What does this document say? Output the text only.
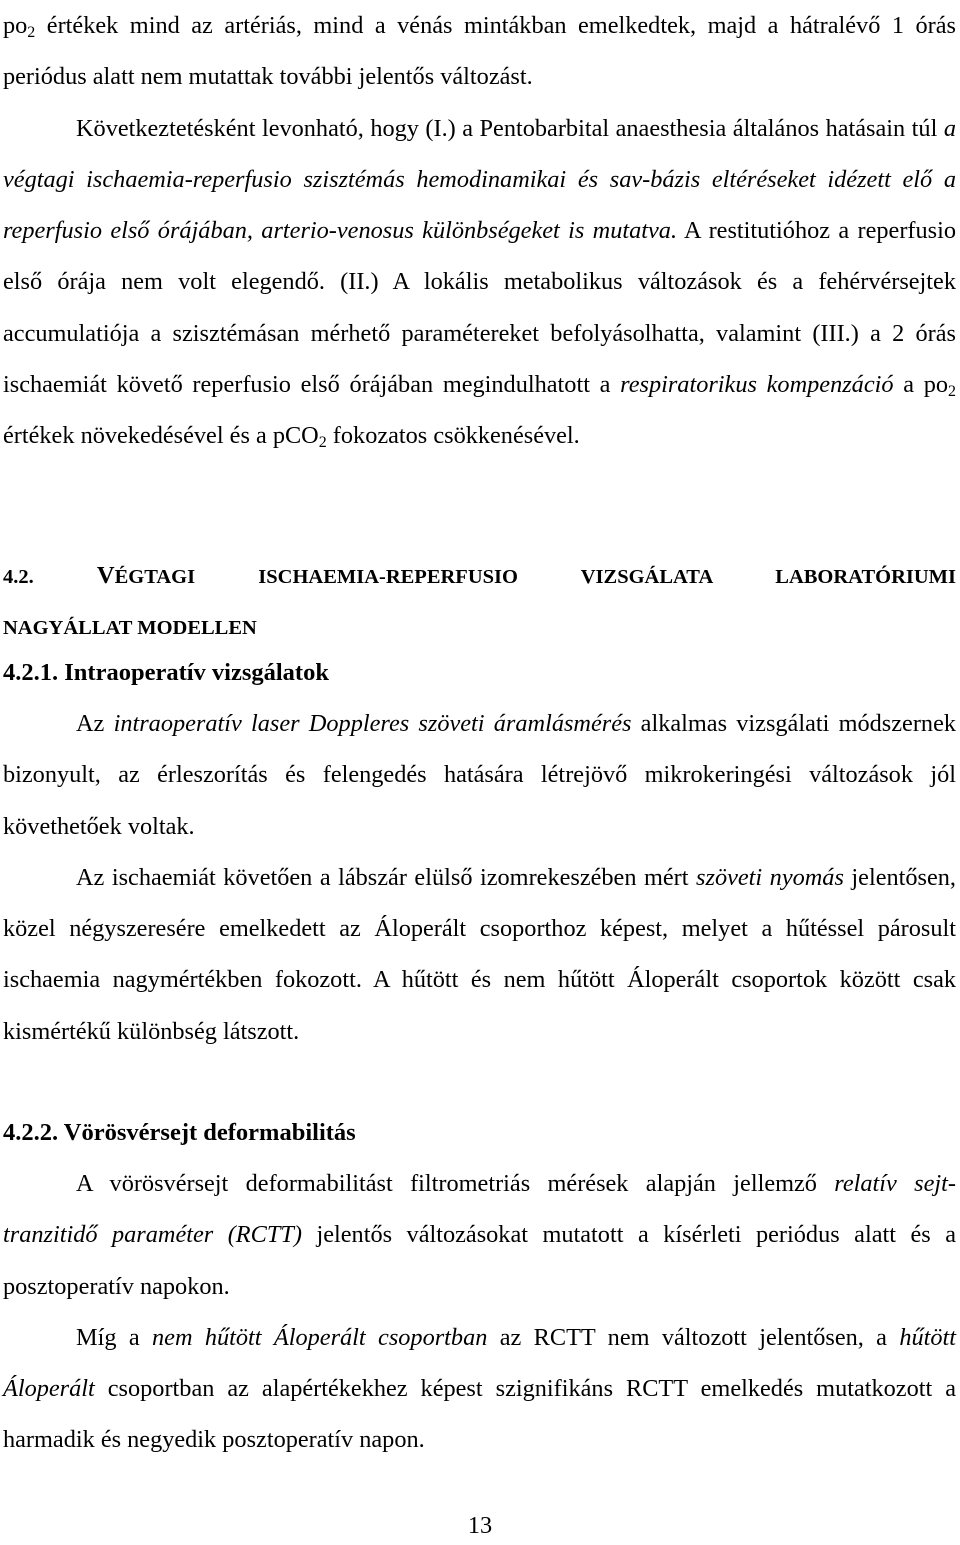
$po_2$ értékek mind az artériás, mind a vénás mintákban emelkedtek, majd a hátralévő 1 órás periódus alatt nem mutattak további jelentős változást.

Következtetésként levonható, hogy (I.) a Pentobarbital anaesthesia általános hatásain túl a végtagi ischaemia-reperfusio szisztémás hemodinamikai és sav-bázis eltéréseket idézett elő a reperfusio első órájában, arterio-venosus különbségeket is mutatva. A restitutióhoz a reperfusio első órája nem volt elegendő. (II.) A lokális metabolikus változások és a fehérvérsejtek accumulatiója a szisztémásan mérhető paramétereket befolyásolhatta, valamint (III.) a 2 órás ischaemiát követő reperfusio első órájában megindulhatott a respiratorikus kompenzáció a $po_2$ értékek növekedésével és a pCO$_2$ fokozatos csökkenésével.

4.2. VÉGTAGI ISCHAEMIA-REPERFUSIO VIZSGÁLATA LABORATÓRIUMI

NAGYÁLLAT MODELLEN

4.2.1. Intraoperatív vizsgálatok

Az intraoperatív laser Doppleres szöveti áramlásmérés alkalmas vizsgálati módszernek bizonyult, az érleszorítás és felengedés hatására létrejövő mikrokeringési változások jól követhetőek voltak.

Az ischaemiát követően a lábszár elülső izomrekeszében mért szöveti nyomás jelentősen, közel négyszeresére emelkedett az Áloperált csoporthoz képest, melyet a hűtéssel párosult ischaemia nagymértékben fokozott. A hűtött és nem hűtött Áloperált csoportok között csak kismértékű különbség látszott.

4.2.2. Vörösvérsejt deformabilitás

A vörösvérsejt deformabilitást filtrometriás mérések alapján jellemző relatív sejt-tranzitidő paraméter (RCTT) jelentős változásokat mutatott a kísérleti periódus alatt és a posztoperatív napokon.

Míg a nem hűtött Áloperált csoportban az RCTT nem változott jelentősen, a hűtött Áloperált csoportban az alapértékekhez képest szignifikáns RCTT emelkedés mutatkozott a harmadik és negyedik posztoperatív napon.

13
